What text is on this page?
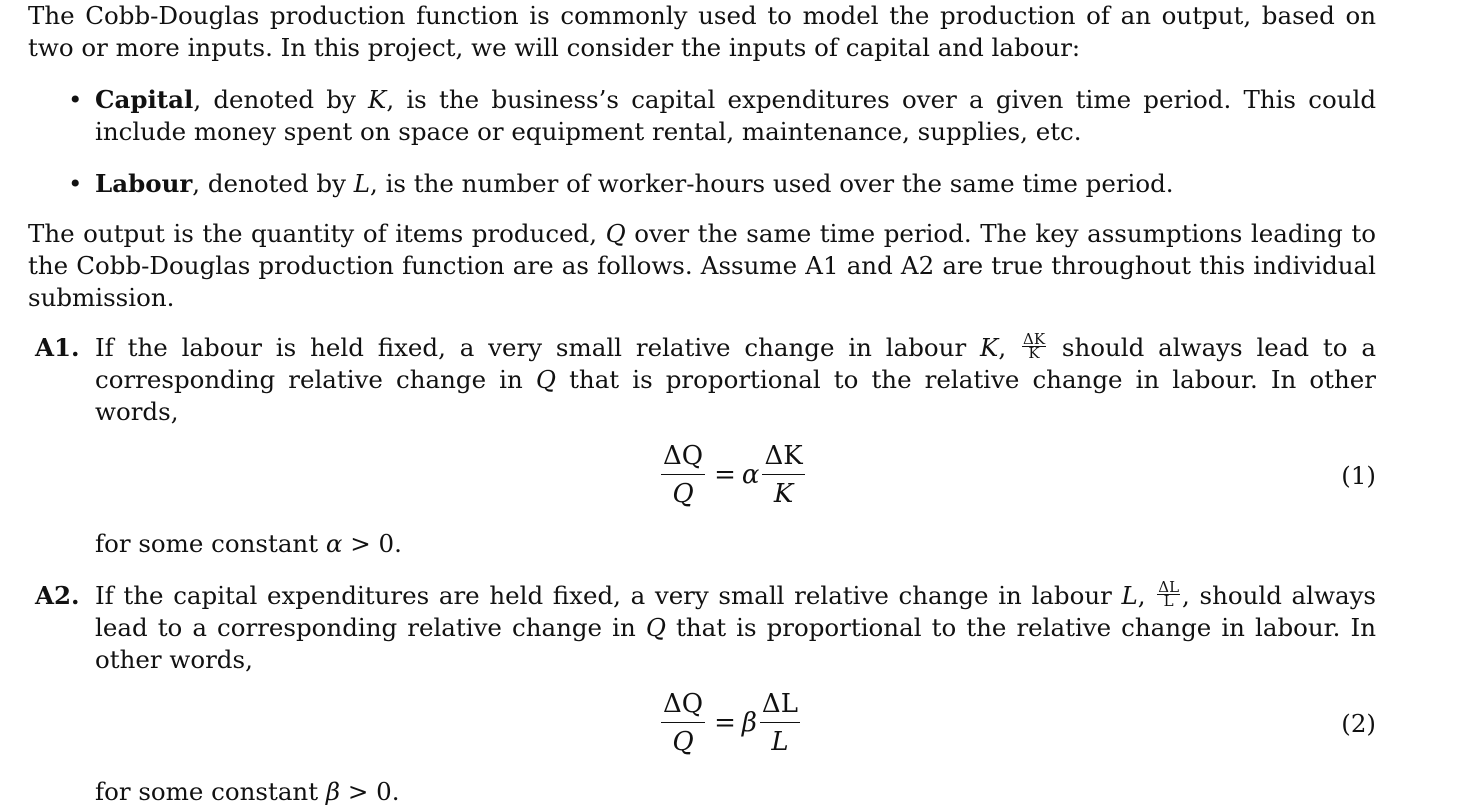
The Cobb-Douglas production function is commonly used to model the production of an output, based on two or more inputs. In this project, we will consider the inputs of capital and labour:

• Capital, denoted by K, is the business’s capital expenditures over a given time period. This could include money spent on space or equipment rental, maintenance, supplies, etc.
• Labour, denoted by L, is the number of worker-hours used over the same time period.

The output is the quantity of items produced, Q over the same time period. The key assumptions leading to the Cobb-Douglas production function are as follows. Assume A1 and A2 are true throughout this individual submission.

A1. If the labour is held fixed, a very small relative change in labour K, $\frac{\Delta K}{K}$ should always lead to a corresponding relative change in Q that is proportional to the relative change in labour. In other words,
$\frac{\Delta Q}{Q} = \alpha \frac{\Delta K}{K}$	(1)

for some constant α > 0.

A2. If the capital expenditures are held fixed, a very small relative change in labour L, $\frac{\Delta L}{L}$ , should always lead to a corresponding relative change in Q that is proportional to the relative change in labour. In other words,
$\frac{\Delta Q}{Q} = \beta \frac{\Delta L}{L}$	(2)

for some constant β > 0.
